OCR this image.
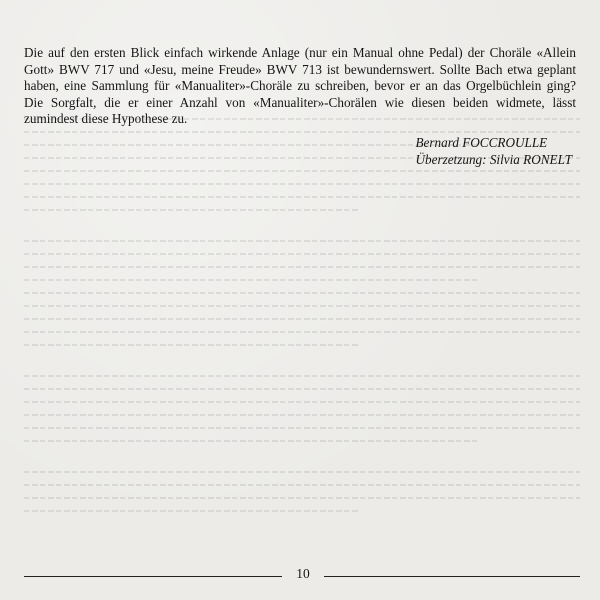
Die auf den ersten Blick einfach wirkende Anlage (nur ein Manual ohne Pedal) der Choräle «Allein
Gott» BWV 717 und «Jesu, meine Freude» BWV 713 ist bewundernswert. Sollte Bach etwa geplant
haben, eine Sammlung für «Manualiter»-Choräle zu schreiben, bevor er an das Orgelbüchlein ging?
Die Sorgfalt, die er einer Anzahl von «Manualiter»-Chorälen wie diesen beiden widmete, lässt
zumindest diese Hypothese zu.

Bernard FOCCROULLE
Überzetzung: Silvia RONELT
10
